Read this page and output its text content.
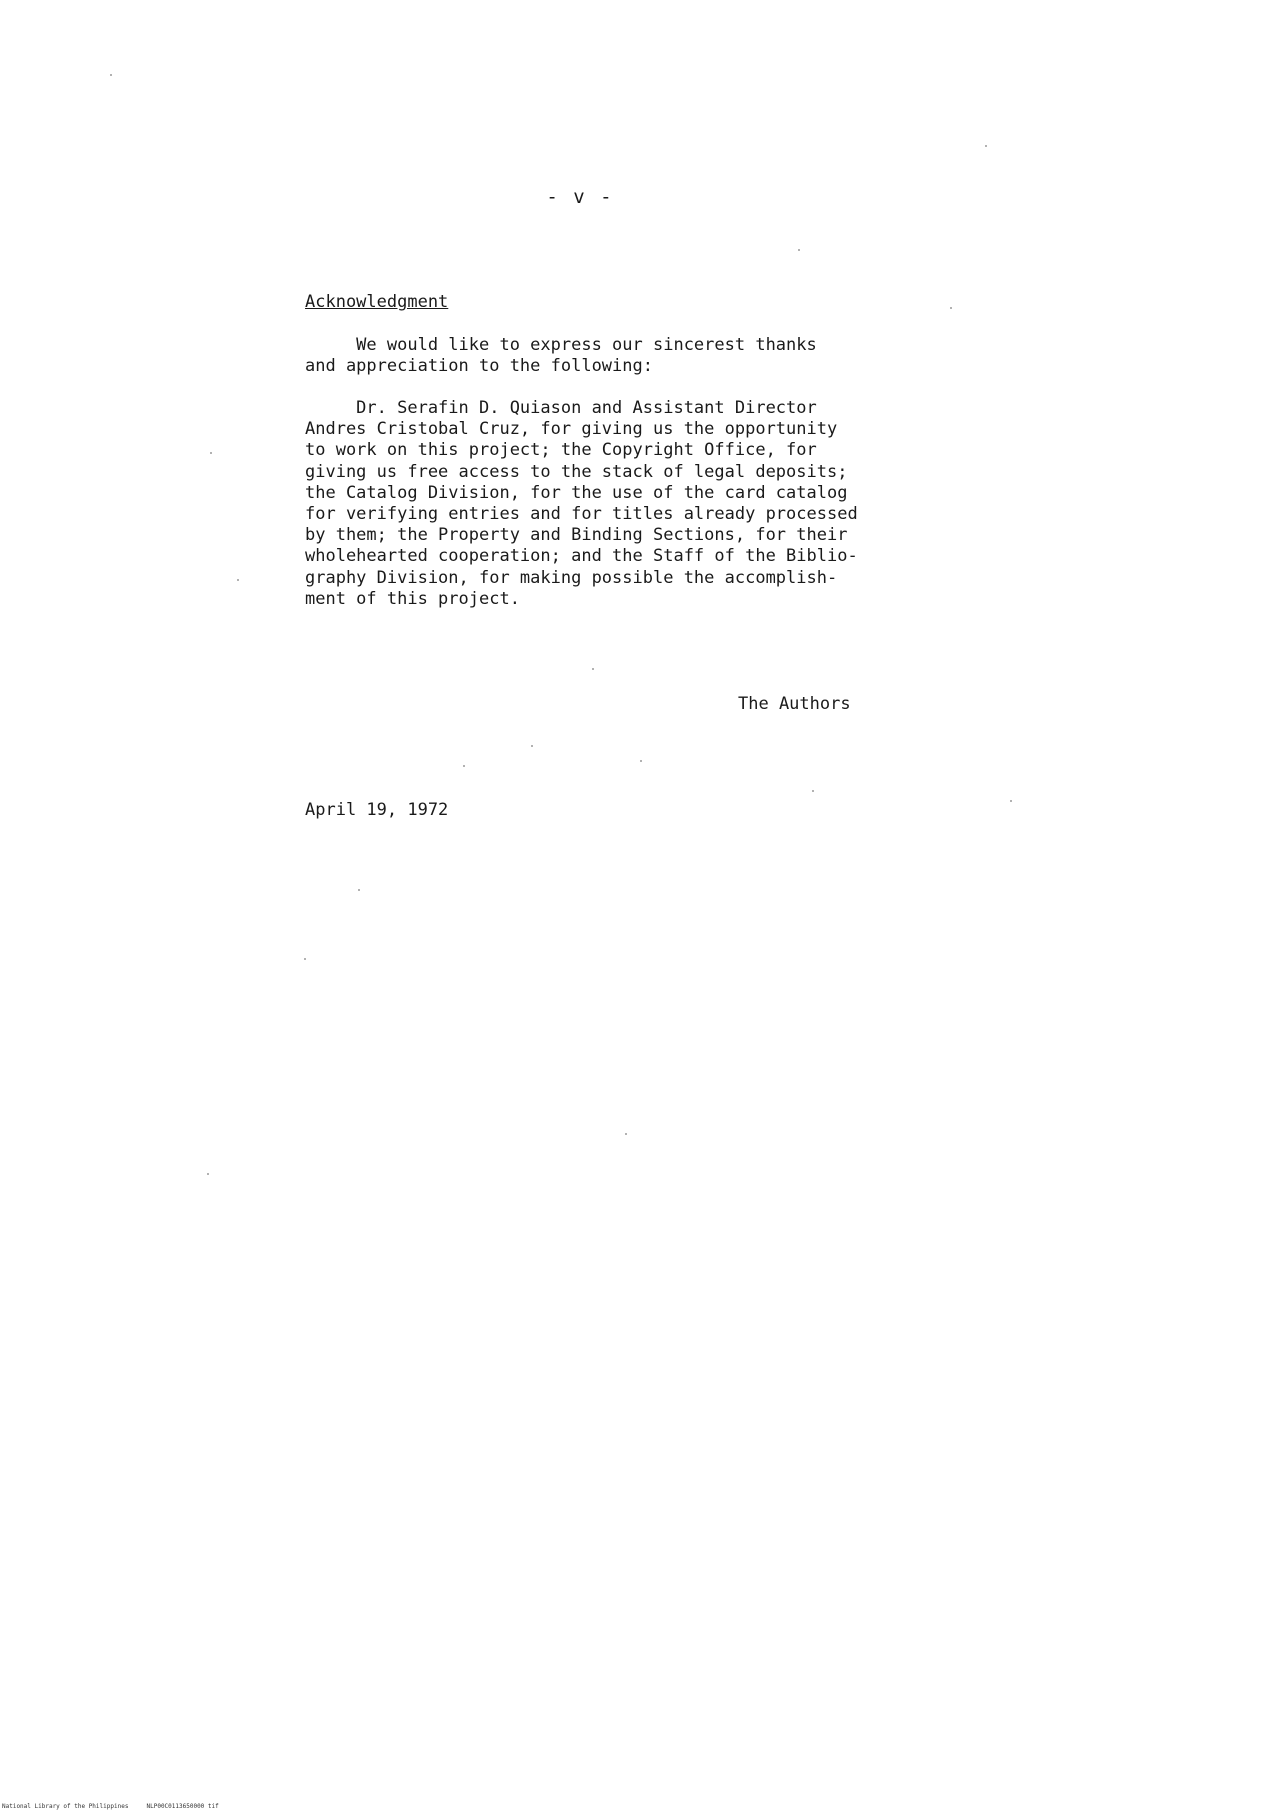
- v -
Acknowledgment

We would like to express our sincerest thanks
and appreciation to the following:

Dr. Serafin D. Quiason and Assistant Director
Andres Cristobal Cruz, for giving us the opportunity
to work on this project; the Copyright Office, for
giving us free access to the stack of legal deposits;
the Catalog Division, for the use of the card catalog
for verifying entries and for titles already processed
by them; the Property and Binding Sections, for their
wholehearted cooperation; and the Staff of the Biblio-
graphy Division, for making possible the accomplish-
ment of this project.

The Authors
April 19, 1972
National Library of the Philippines     NLP00C0113650000 tif
